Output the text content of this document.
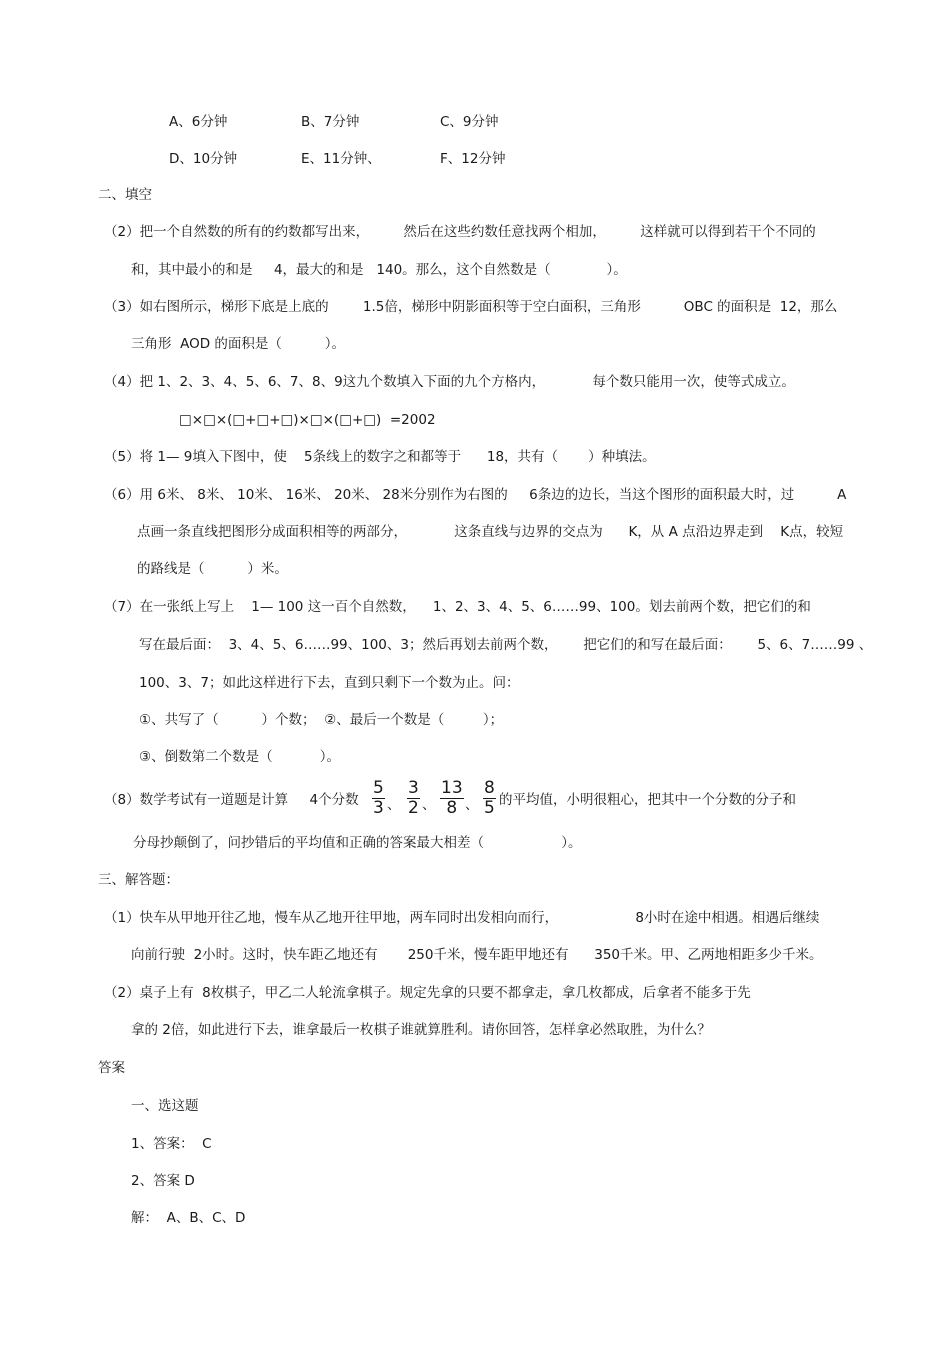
A、6分钟	B、7分钟	C、9分钟
D、10分钟	E、11分钟、	F、12分钟
二、填空
（2）把一个自然数的所有的约数都写出来，        然后在这些约数任意找两个相加，        这样就可以得到若干个不同的
和，其中最小的和是     4，最大的和是   140。那么，这个自然数是（             ）。
（3）如右图所示，梯形下底是上底的        1.5倍，梯形中阴影面积等于空白面积，三角形          OBC 的面积是  12，那么
三角形  AOD 的面积是（          ）。
（4）把 1、2、3、4、5、6、7、8、9这九个数填入下面的九个方格内，           每个数只能用一次，使等式成立。
□×□×(□+□+□)×□×(□+□)  =2002
（5）将 1— 9填入下图中，使    5条线上的数字之和都等于      18，共有（       ）种填法。
（6）用 6米、 8米、 10米、 16米、 20米、 28米分别作为右图的     6条边的边长，当这个图形的面积最大时，过          A
点画一条直线把图形分成面积相等的两部分，           这条直线与边界的交点为      K，从 A 点沿边界走到    K点，较短
的路线是（          ）米。
（7）在一张纸上写上    1— 100 这一百个自然数，    1、2、3、4、5、6……99、100。划去前两个数，把它们的和
写在最后面：  3、4、5、6……99、100、3；然后再划去前两个数，      把它们的和写在最后面：      5、6、7……99 、
100、3、7；如此这样进行下去，直到只剩下一个数为止。问：
①、共写了（          ）个数；  ②、最后一个数是（         ）；
③、倒数第二个数是（           ）。
（8）数学考试有一道题是计算     4个分数 $\frac{5}{3}$ 、 $\frac{3}{2}$ 、 $\frac{13}{8}$ 、 $\frac{8}{5}$ 的平均值，小明很粗心，把其中一个分数的分子和
分母抄颠倒了，问抄错后的平均值和正确的答案最大相差（                  ）。
三、解答题：
（1）快车从甲地开往乙地，慢车从乙地开往甲地，两车同时出发相向而行，                  8小时在途中相遇。相遇后继续
向前行驶  2小时。这时，快车距乙地还有       250千米，慢车距甲地还有      350千米。甲、乙两地相距多少千米。
（2）桌子上有  8枚棋子，甲乙二人轮流拿棋子。规定先拿的只要不都拿走，拿几枚都成，后拿者不能多于先
拿的 2倍，如此进行下去，谁拿最后一枚棋子谁就算胜利。请你回答，怎样拿必然取胜，为什么？
答案
一、选这题
1、答案：  C
2、答案 D
解：  A、B、C、D
